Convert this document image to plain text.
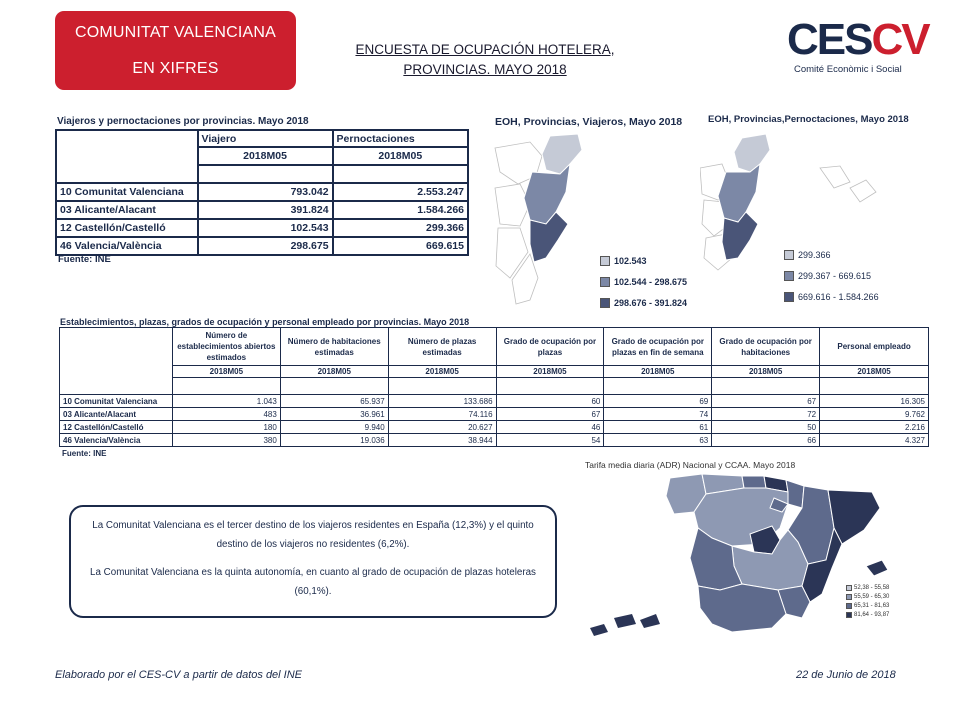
COMUNITAT VALENCIANA
EN XIFRES
ENCUESTA DE OCUPACIÓN HOTELERA,
PROVINCIAS. MAYO 2018
CESCV
Comité Econòmic i Social
Viajeros y pernoctaciones por provincias. Mayo 2018
	Viajero	Pernoctaciones
	2018M05	2018M05

10 Comunitat Valenciana	793.042	2.553.247
03 Alicante/Alacant	391.824	1.584.266
12 Castellón/Castelló	102.543	299.366
46 Valencia/València	298.675	669.615
Fuente: INE
EOH, Provincias, Viajeros, Mayo 2018
102.543
102.544 - 298.675
298.676 - 391.824
EOH, Provincias,Pernoctaciones, Mayo 2018
299.366
299.367 - 669.615
669.616 - 1.584.266
Establecimientos, plazas, grados de ocupación y personal empleado por provincias. Mayo 2018
	Número de establecimientos abiertos estimados	Número de habitaciones estimadas	Número de plazas estimadas	Grado de ocupación por plazas	Grado de ocupación por plazas en fin de semana	Grado de ocupación por habitaciones	Personal empleado
	2018M05	2018M05	2018M05	2018M05	2018M05	2018M05	2018M05

10 Comunitat Valenciana	1.043	65.937	133.686	60	69	67	16.305
03 Alicante/Alacant	483	36.961	74.116	67	74	72	9.762
12 Castellón/Castelló	180	9.940	20.627	46	61	50	2.216
46 Valencia/València	380	19.036	38.944	54	63	66	4.327
Fuente: INE
Tarifa media diaria (ADR) Nacional y CCAA. Mayo 2018
52,38 - 55,58
55,59 - 65,30
65,31 - 81,63
81,64 - 93,87

La Comunitat Valenciana es el tercer destino de los viajeros residentes en España (12,3%) y el quinto destino de los viajeros no residentes (6,2%).

La Comunitat Valenciana es la quinta autonomía, en cuanto al grado de ocupación de plazas hoteleras (60,1%).

Elaborado por el CES-CV a partir de datos del INE	22 de Junio de 2018
